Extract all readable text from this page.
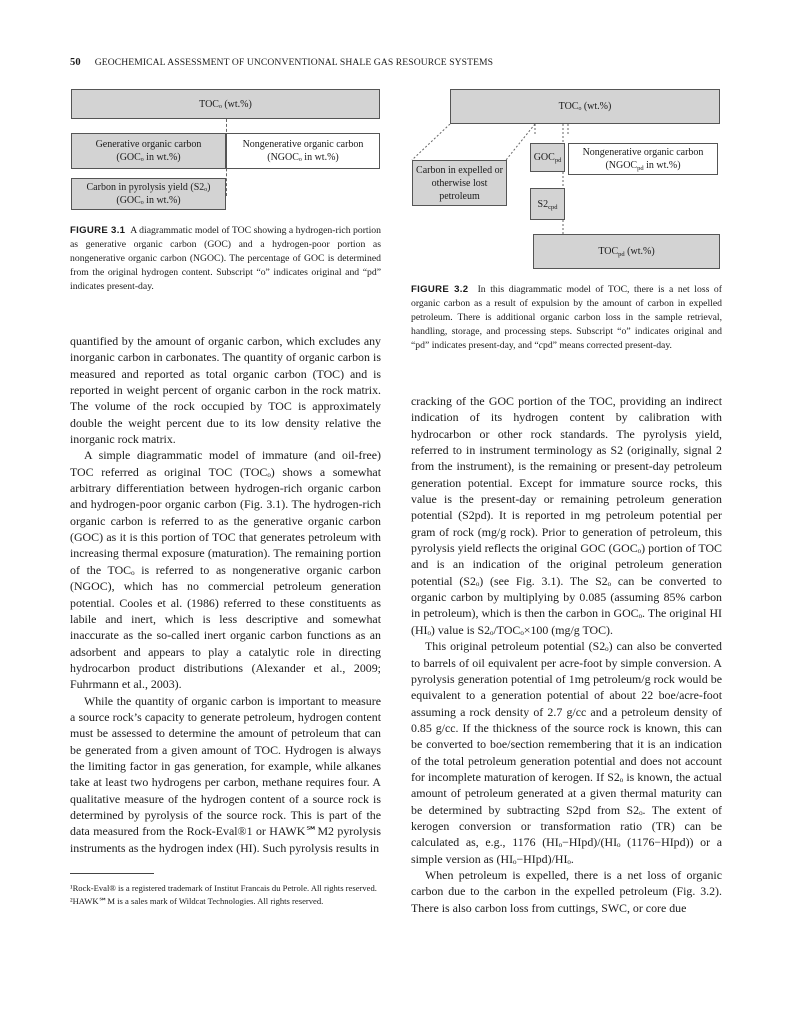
50 GEOCHEMICAL ASSESSMENT OF UNCONVENTIONAL SHALE GAS RESOURCE SYSTEMS
TOCₒ (wt.%)
Generative organic carbon (GOCₒ in wt.%)
Nongenerative organic carbon (NGOCₒ in wt.%)
Carbon in pyrolysis yield (S2ₒ) (GOCₒ in wt.%)
FIGURE 3.1 A diagrammatic model of TOC showing a hydrogen-rich portion as generative organic carbon (GOC) and a hydrogen-poor portion as nongenerative organic carbon (NGOC). The percentage of GOC is determined from the original hydrogen content. Subscript “o” indicates original and “pd” indicates present-day.
TOCₒ (wt.%)
Carbon in expelled or otherwise lost petroleum
$GOC_{pd}$
Nongenerative organic carbon ($NGOC_{pd}$ in wt.%)
$S2_{cpd}$
$TOC_{pd}$ (wt.%)
FIGURE 3.2 In this diagrammatic model of TOC, there is a net loss of organic carbon as a result of expulsion by the amount of carbon in expelled petroleum. There is additional organic carbon loss in the sample retrieval, handling, storage, and processing steps. Subscript “o” indicates original and “pd” indicates present-day, and “cpd” means corrected present-day.

quantified by the amount of organic carbon, which excludes any inorganic carbon in carbonates. The quantity of organic carbon is measured and reported as total organic carbon (TOC) and is reported in weight percent of organic carbon in the rock matrix. The volume of the rock occupied by TOC is approximately double the weight percent due to its low density relative the inorganic rock matrix.

A simple diagrammatic model of immature (and oil-free) TOC referred as original TOC (TOCₒ) shows a somewhat arbitrary differentiation between hydrogen-rich organic carbon and hydrogen-poor organic carbon (Fig. 3.1). The hydrogen-rich organic carbon is referred to as the generative organic carbon (GOC) as it is this portion of TOC that generates petroleum with increasing thermal exposure (maturation). The remaining portion of the TOCₒ is referred to as nongenerative organic carbon (NGOC), which has no commercial petroleum generation potential. Cooles et al. (1986) referred to these constituents as labile and inert, which is less descriptive and somewhat inaccurate as the so-called inert organic carbon functions as an adsorbent and appears to play a catalytic role in directing hydrocarbon product distributions (Alexander et al., 2009; Fuhrmann et al., 2003).

While the quantity of organic carbon is important to measure a source rock’s capacity to generate petroleum, hydrogen content must be assessed to determine the amount of petroleum that can be generated from a given amount of TOC. Hydrogen is always the limiting factor in gas generation, for example, while alkanes take at least two hydrogens per carbon, methane requires four. A qualitative measure of the hydrogen content of a source rock is determined by pyrolysis of the source rock. This is part of the data measured from the Rock-Eval®1 or HAWK℠M2 pyrolysis instruments as the hydrogen index (HI). Such pyrolysis results in

¹Rock-Eval® is a registered trademark of Institut Francais du Petrole. All rights reserved.
²HAWK℠M is a sales mark of Wildcat Technologies. All rights reserved.

cracking of the GOC portion of the TOC, providing an indirect indication of its hydrogen content by calibration with hydrocarbon or other rock standards. The pyrolysis yield, referred to in instrument terminology as S2 (originally, signal 2 from the instrument), is the remaining or present-day petroleum generation potential. Except for immature source rocks, this value is the present-day or remaining petroleum generation potential (S2pd). It is reported in mg petroleum potential per gram of rock (mg/g rock). Prior to generation of petroleum, this pyrolysis yield reflects the original GOC (GOCₒ) portion of TOC and is an indication of the original petroleum generation potential (S2ₒ) (see Fig. 3.1). The S2ₒ can be converted to organic carbon by multiplying by 0.085 (assuming 85% carbon in petroleum), which is then the carbon in GOCₒ. The original HI (HIₒ) value is S2ₒ/TOCₒ×100 (mg/g TOC).

This original petroleum potential (S2ₒ) can also be converted to barrels of oil equivalent per acre-foot by simple conversion. A pyrolysis generation potential of 1mg petroleum/g rock would be equivalent to a generation potential of about 22 boe/acre-foot assuming a rock density of 2.7 g/cc and a petroleum density of 0.85 g/cc. If the thickness of the source rock is known, this can be converted to boe/section remembering that it is an indication of the total petroleum generation potential and does not account for incomplete maturation of kerogen. If S2ₒ is known, the actual amount of petroleum generated at a given thermal maturity can be determined by subtracting S2pd from S2ₒ. The extent of kerogen conversion or transformation ratio (TR) can be calculated as, e.g., 1176 (HIₒ−HIpd)/(HIₒ (1176−HIpd)) or a simple version as (HIₒ−HIpd)/HIₒ.

When petroleum is expelled, there is a net loss of organic carbon due to the carbon in the expelled petroleum (Fig. 3.2). There is also carbon loss from cuttings, SWC, or core due
